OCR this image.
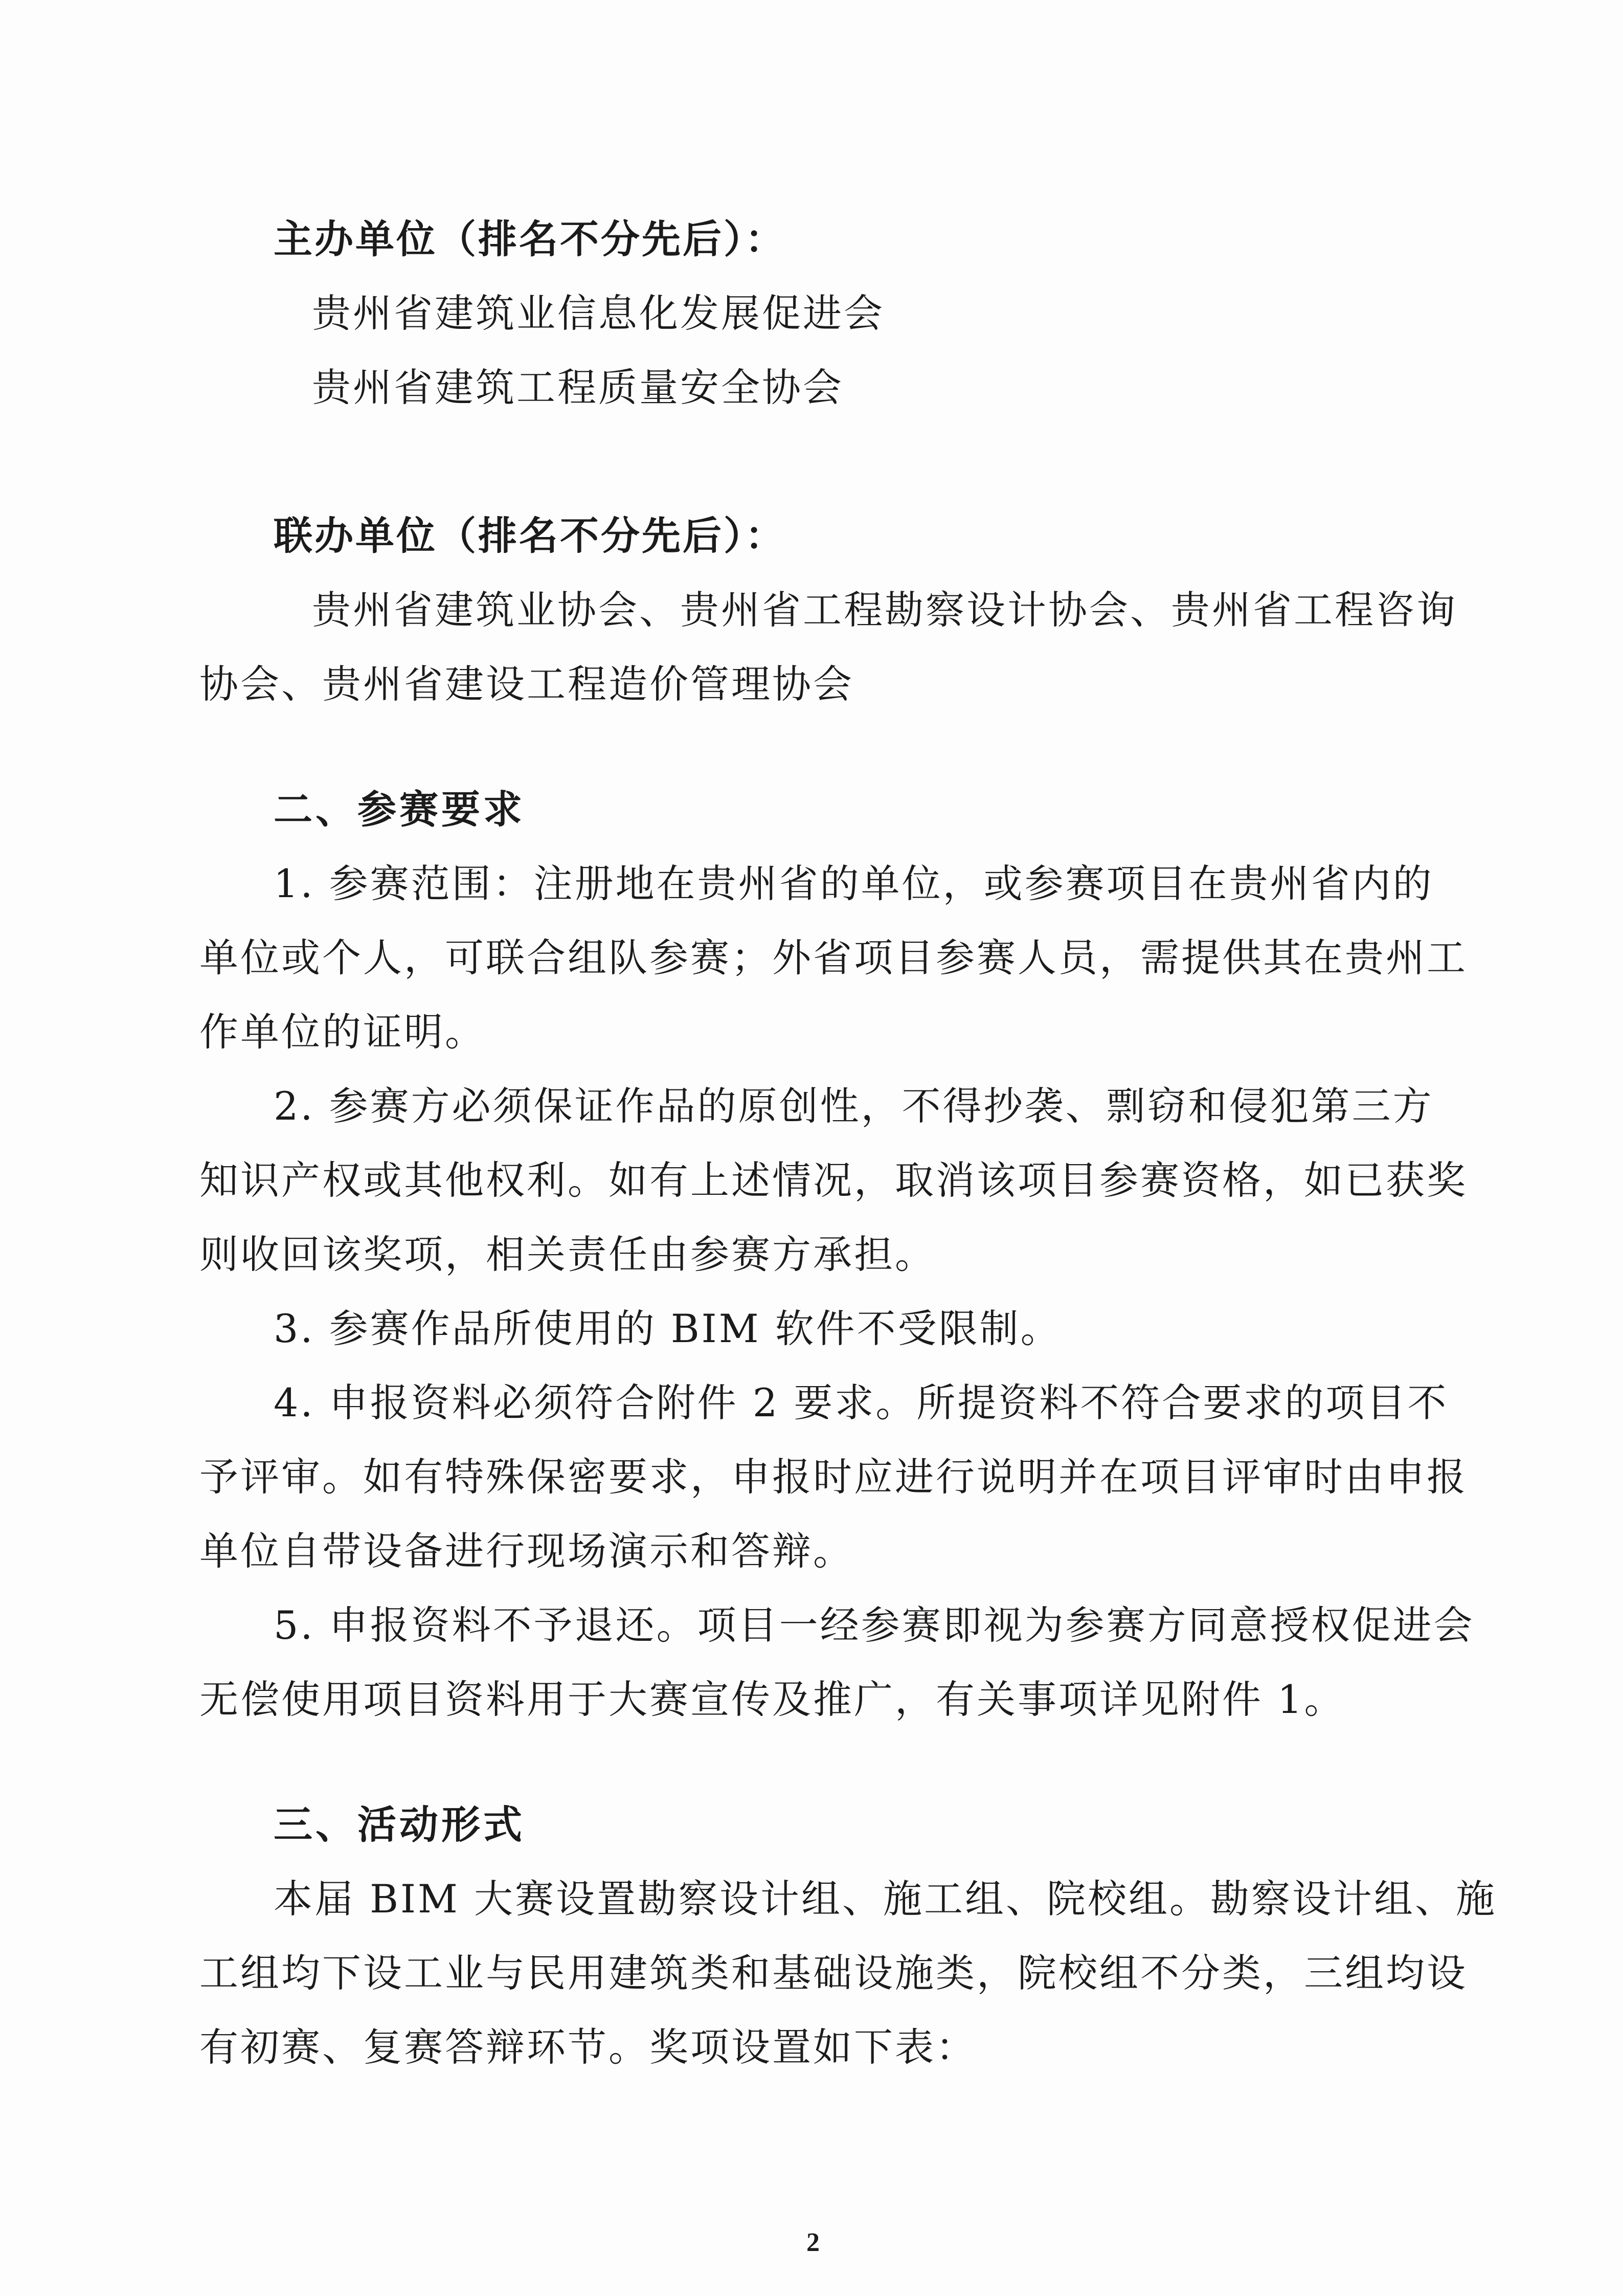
主办单位（排名不分先后）：
贵州省建筑业信息化发展促进会
贵州省建筑工程质量安全协会
联办单位（排名不分先后）：
贵州省建筑业协会、贵州省工程勘察设计协会、贵州省工程咨询
协会、贵州省建设工程造价管理协会
二、参赛要求
1. 参赛范围：注册地在贵州省的单位，或参赛项目在贵州省内的
单位或个人，可联合组队参赛；外省项目参赛人员，需提供其在贵州工
作单位的证明。
2. 参赛方必须保证作品的原创性，不得抄袭、剽窃和侵犯第三方
知识产权或其他权利。如有上述情况，取消该项目参赛资格，如已获奖
则收回该奖项，相关责任由参赛方承担。
3. 参赛作品所使用的 BIM 软件不受限制。
4. 申报资料必须符合附件 2 要求。所提资料不符合要求的项目不
予评审。如有特殊保密要求，申报时应进行说明并在项目评审时由申报
单位自带设备进行现场演示和答辩。
5. 申报资料不予退还。项目一经参赛即视为参赛方同意授权促进会
无偿使用项目资料用于大赛宣传及推广，有关事项详见附件 1。
三、活动形式
本届 BIM 大赛设置勘察设计组、施工组、院校组。勘察设计组、施
工组均下设工业与民用建筑类和基础设施类，院校组不分类，三组均设
有初赛、复赛答辩环节。奖项设置如下表：
2
